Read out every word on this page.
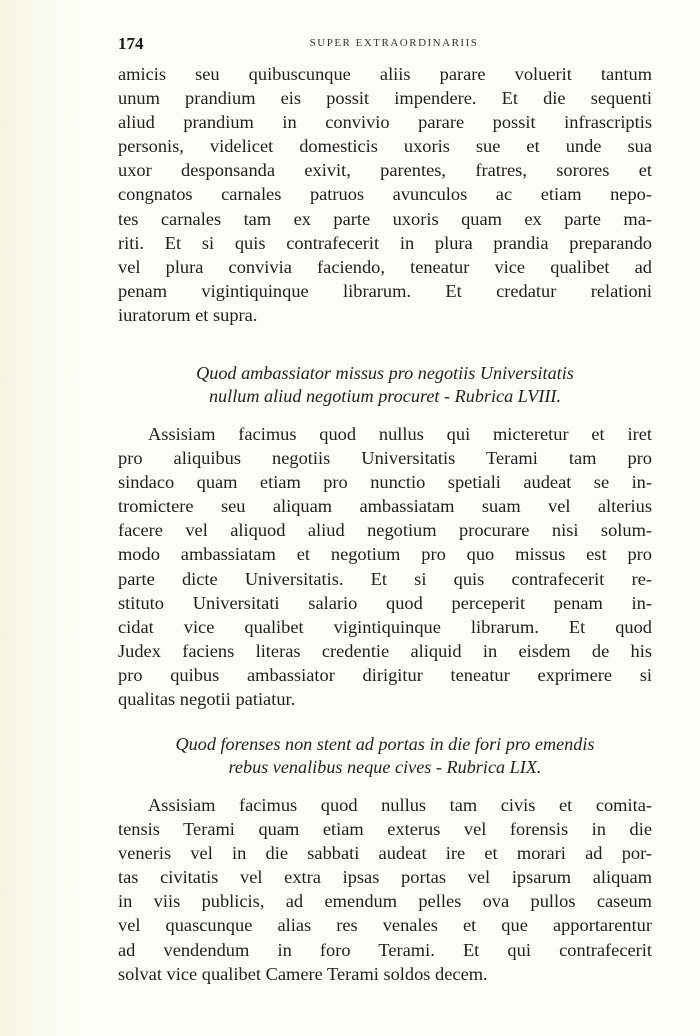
174	SUPER EXTRAORDINARIIS
amicis seu quibuscunque aliis parare voluerit tantum
unum prandium eis possit impendere. Et die sequenti
aliud prandium in convivio parare possit infrascriptis
personis, videlicet domesticis uxoris sue et unde sua
uxor desponsanda exivit, parentes, fratres, sorores et
congnatos carnales patruos avunculos ac etiam nepo-
tes carnales tam ex parte uxoris quam ex parte ma-
riti. Et si quis contrafecerit in plura prandia preparando
vel plura convivia faciendo, teneatur vice qualibet ad
penam vigintiquinque librarum. Et credatur relationi
iuratorum et supra.
Quod ambassiator missus pro negotiis Universitatis
nullum aliud negotium procuret - Rubrica LVIII.
Assisiam facimus quod nullus qui micteretur et iret
pro aliquibus negotiis Universitatis Terami tam pro
sindaco quam etiam pro nunctio spetiali audeat se in-
tromictere seu aliquam ambassiatam suam vel alterius
facere vel aliquod aliud negotium procurare nisi solum-
modo ambassiatam et negotium pro quo missus est pro
parte dicte Universitatis. Et si quis contrafecerit re-
stituto Universitati salario quod perceperit penam in-
cidat vice qualibet vigintiquinque librarum. Et quod
Judex faciens literas credentie aliquid in eisdem de his
pro quibus ambassiator dirigitur teneatur exprimere si
qualitas negotii patiatur.
Quod forenses non stent ad portas in die fori pro emendis
rebus venalibus neque cives - Rubrica LIX.
Assisiam facimus quod nullus tam civis et comita-
tensis Terami quam etiam exterus vel forensis in die
veneris vel in die sabbati audeat ire et morari ad por-
tas civitatis vel extra ipsas portas vel ipsarum aliquam
in viis publicis, ad emendum pelles ova pullos caseum
vel quascunque alias res venales et que apportarentur
ad vendendum in foro Terami. Et qui contrafecerit
solvat vice qualibet Camere Terami soldos decem.
